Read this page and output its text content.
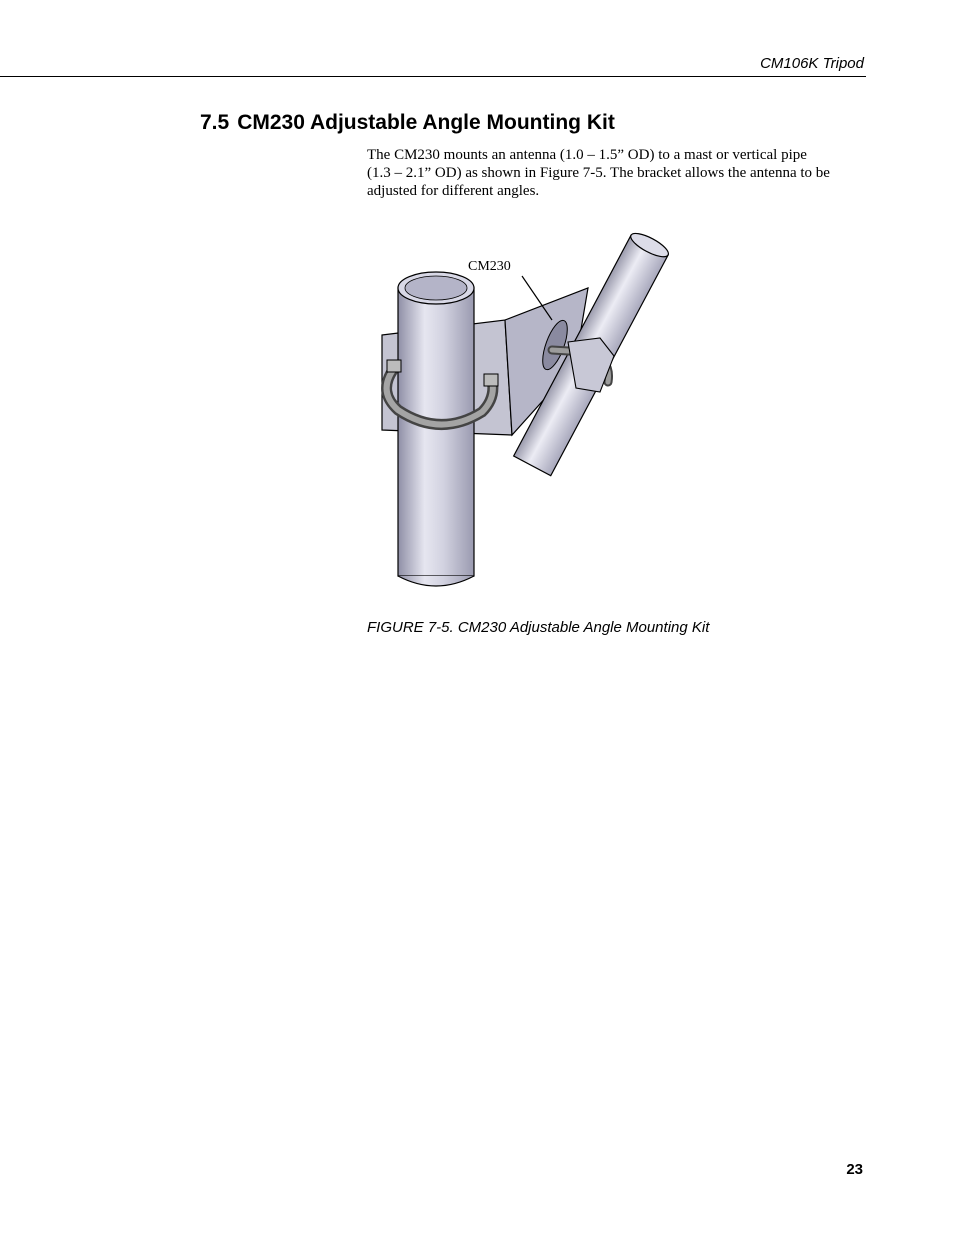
CM106K Tripod
7.5 CM230 Adjustable Angle Mounting Kit

The CM230 mounts an antenna (1.0 – 1.5” OD) to a mast or vertical pipe
(1.3 – 2.1” OD) as shown in Figure 7-5. The bracket allows the antenna to be
adjusted for different angles.

CM230
FIGURE 7-5. CM230 Adjustable Angle Mounting Kit
23
